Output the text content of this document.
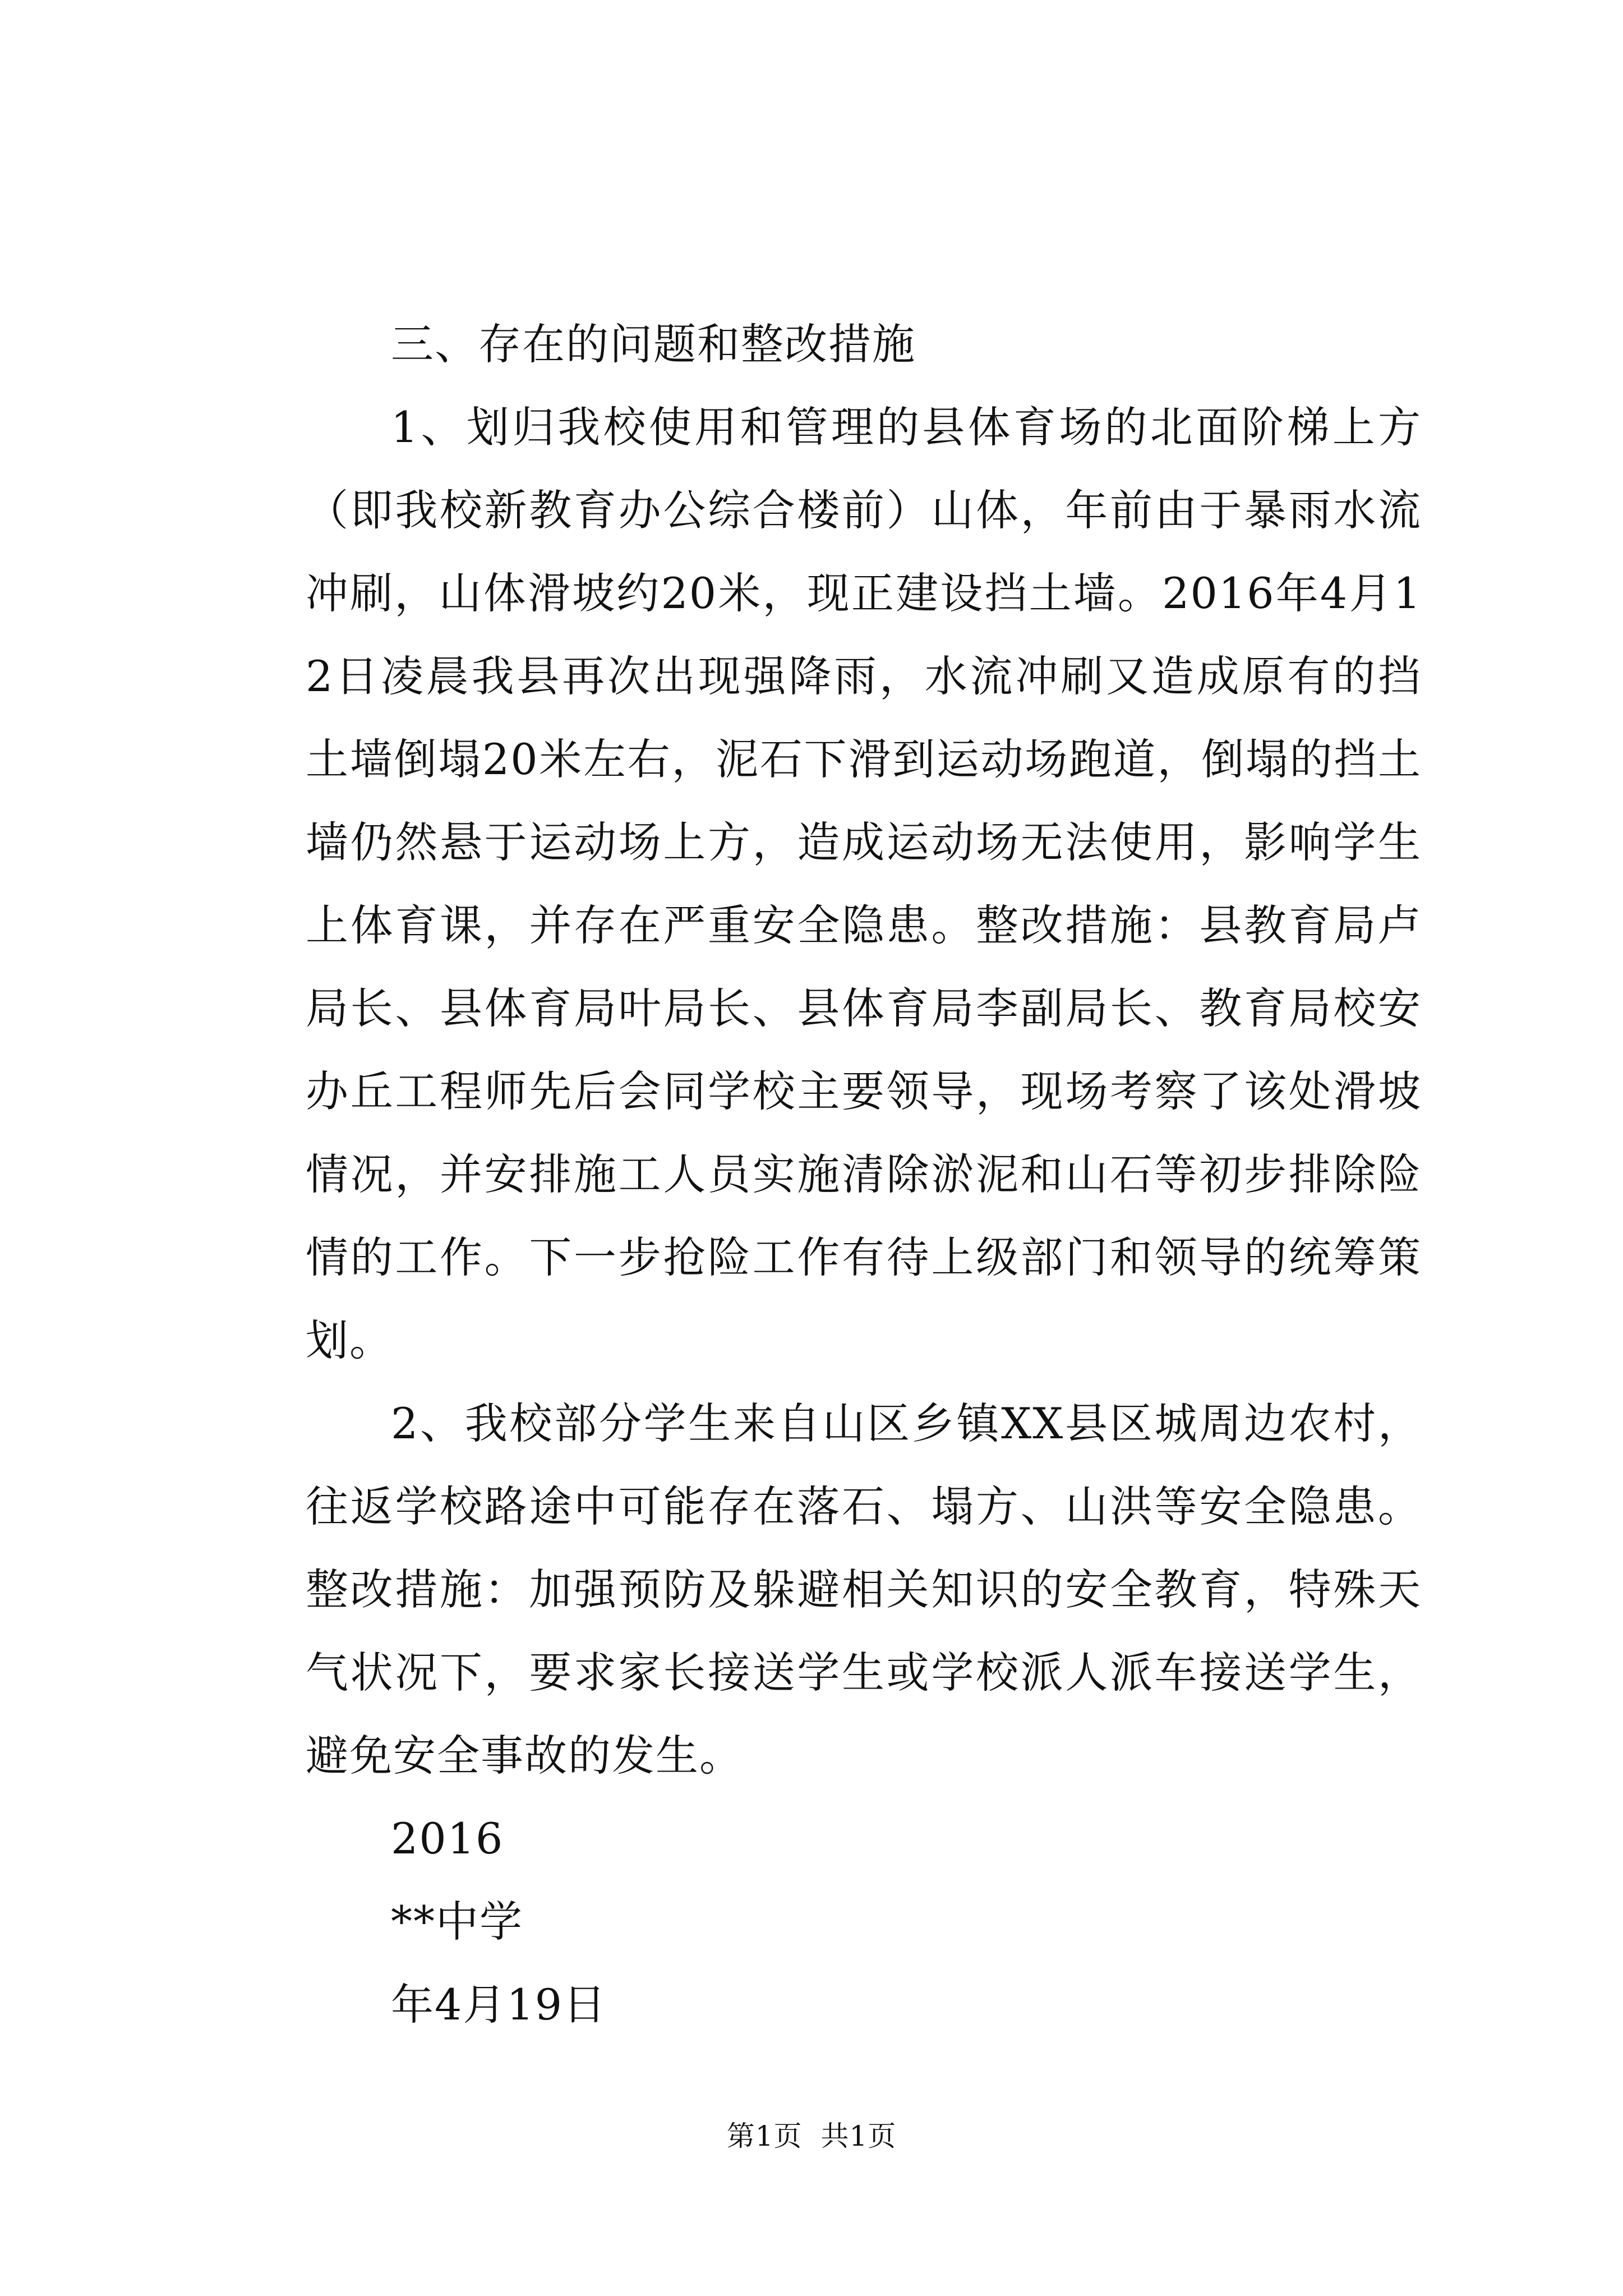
三、存在的问题和整改措施

1、划归我校使用和管理的县体育场的北面阶梯上方（即我校新教育办公综合楼前）山体，年前由于暴雨水流冲刷，山体滑坡约20米，现正建设挡土墙。2016年4月12日凌晨我县再次出现强降雨，水流冲刷又造成原有的挡土墙倒塌20米左右，泥石下滑到运动场跑道，倒塌的挡土墙仍然悬于运动场上方，造成运动场无法使用，影响学生上体育课，并存在严重安全隐患。整改措施：县教育局卢局长、县体育局叶局长、县体育局李副局长、教育局校安办丘工程师先后会同学校主要领导，现场考察了该处滑坡情况，并安排施工人员实施清除淤泥和山石等初步排除险情的工作。下一步抢险工作有待上级部门和领导的统筹策划。

2、我校部分学生来自山区乡镇XX县区城周边农村，往返学校路途中可能存在落石、塌方、山洪等安全隐患。整改措施：加强预防及躲避相关知识的安全教育，特殊天气状况下，要求家长接送学生或学校派人派车接送学生，避免安全事故的发生。

2016

**中学

年4月19日

第1页 共1页
